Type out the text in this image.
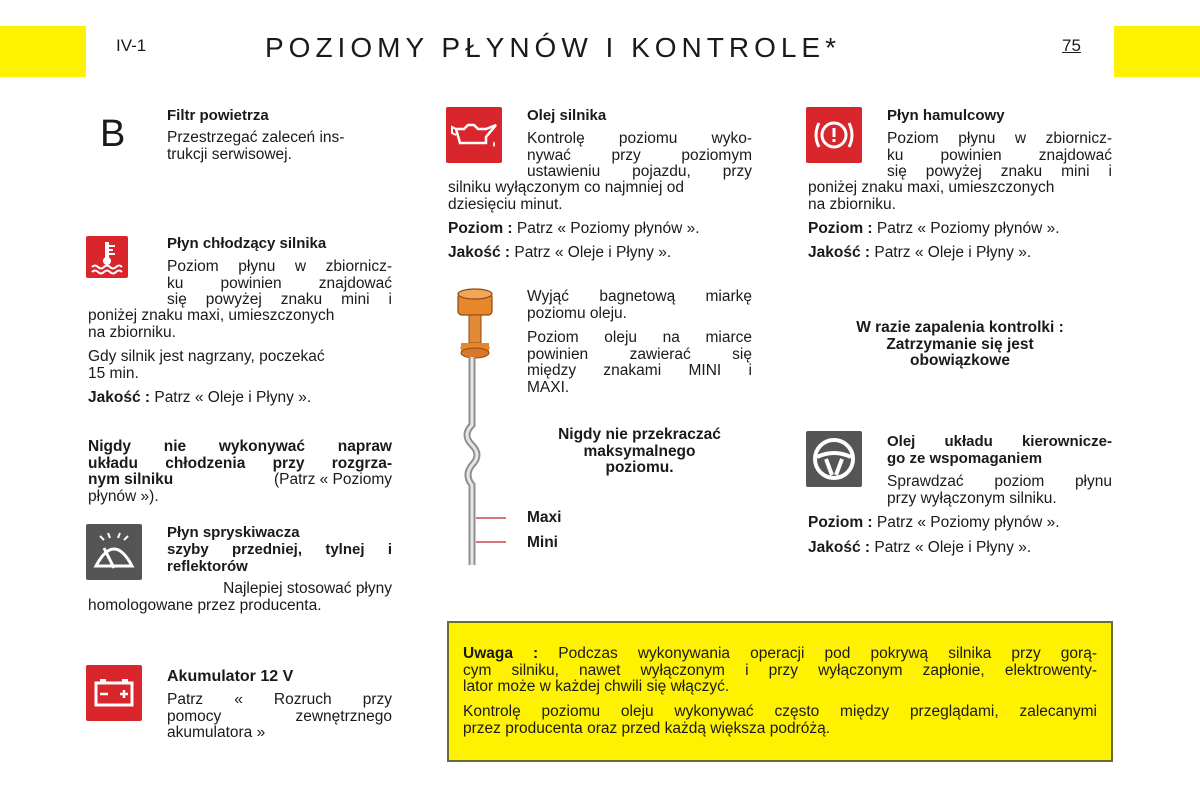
IV-1	POZIOMY PŁYNÓW I KONTROLE*	75
B	Filtr powietrza
Przestrzegać zaleceń ins-
trukcji serwisowej.
Płyn chłodzący silnika
Poziom płynu w zbiornicz-
ku powinien znajdować
się powyżej znaku mini i
poniżej znaku maxi, umieszczonych
na zbiorniku.
Gdy silnik jest nagrzany, poczekać
15 min.
Jakość : Patrz « Oleje i Płyny ».
Nigdy nie wykonywać napraw
układu chłodzenia przy rozgrza-
nym silniku	(Patrz « Poziomy
płynów »).
Płyn spryskiwacza
szyby przedniej, tylnej i
reflektorów
Najlepiej stosować płyny
homologowane przez producenta.
Akumulator 12 V
Patrz « Rozruch przy
pomocy zewnętrznego
akumulatora »
Olej silnika
Kontrolę poziomu wyko-
nywać przy poziomym
ustawieniu pojazdu, przy
silniku wyłączonym co najmniej od
dziesięciu minut.
Poziom : Patrz « Poziomy płynów ».
Jakość : Patrz « Oleje i Płyny ».
Wyjąć bagnetową miarkę
poziomu oleju.
Poziom oleju na miarce
powinien zawierać się
między znakami MINI i
MAXI.
Nigdy nie przekraczać
maksymalnego
poziomu.
Maxi
Mini
Płyn hamulcowy
Poziom płynu w zbiornicz-
ku powinien znajdować
się powyżej znaku mini i
poniżej znaku maxi, umieszczonych
na zbiorniku.
Poziom : Patrz « Poziomy płynów ».
Jakość : Patrz « Oleje i Płyny ».
W razie zapalenia kontrolki :
Zatrzymanie się jest
obowiązkowe
Olej układu kierownicze-
go ze wspomaganiem
Sprawdzać poziom płynu
przy wyłączonym silniku.
Poziom : Patrz « Poziomy płynów ».
Jakość : Patrz « Oleje i Płyny ».
Uwaga : Podczas wykonywania operacji pod pokrywą silnika przy gorą-
cym silniku, nawet wyłączonym i przy wyłączonym zapłonie, elektrowenty-
lator może w każdej chwili się włączyć.
Kontrolę poziomu oleju wykonywać często między przeglądami, zalecanymi
przez producenta oraz przed każdą większa podróżą.
